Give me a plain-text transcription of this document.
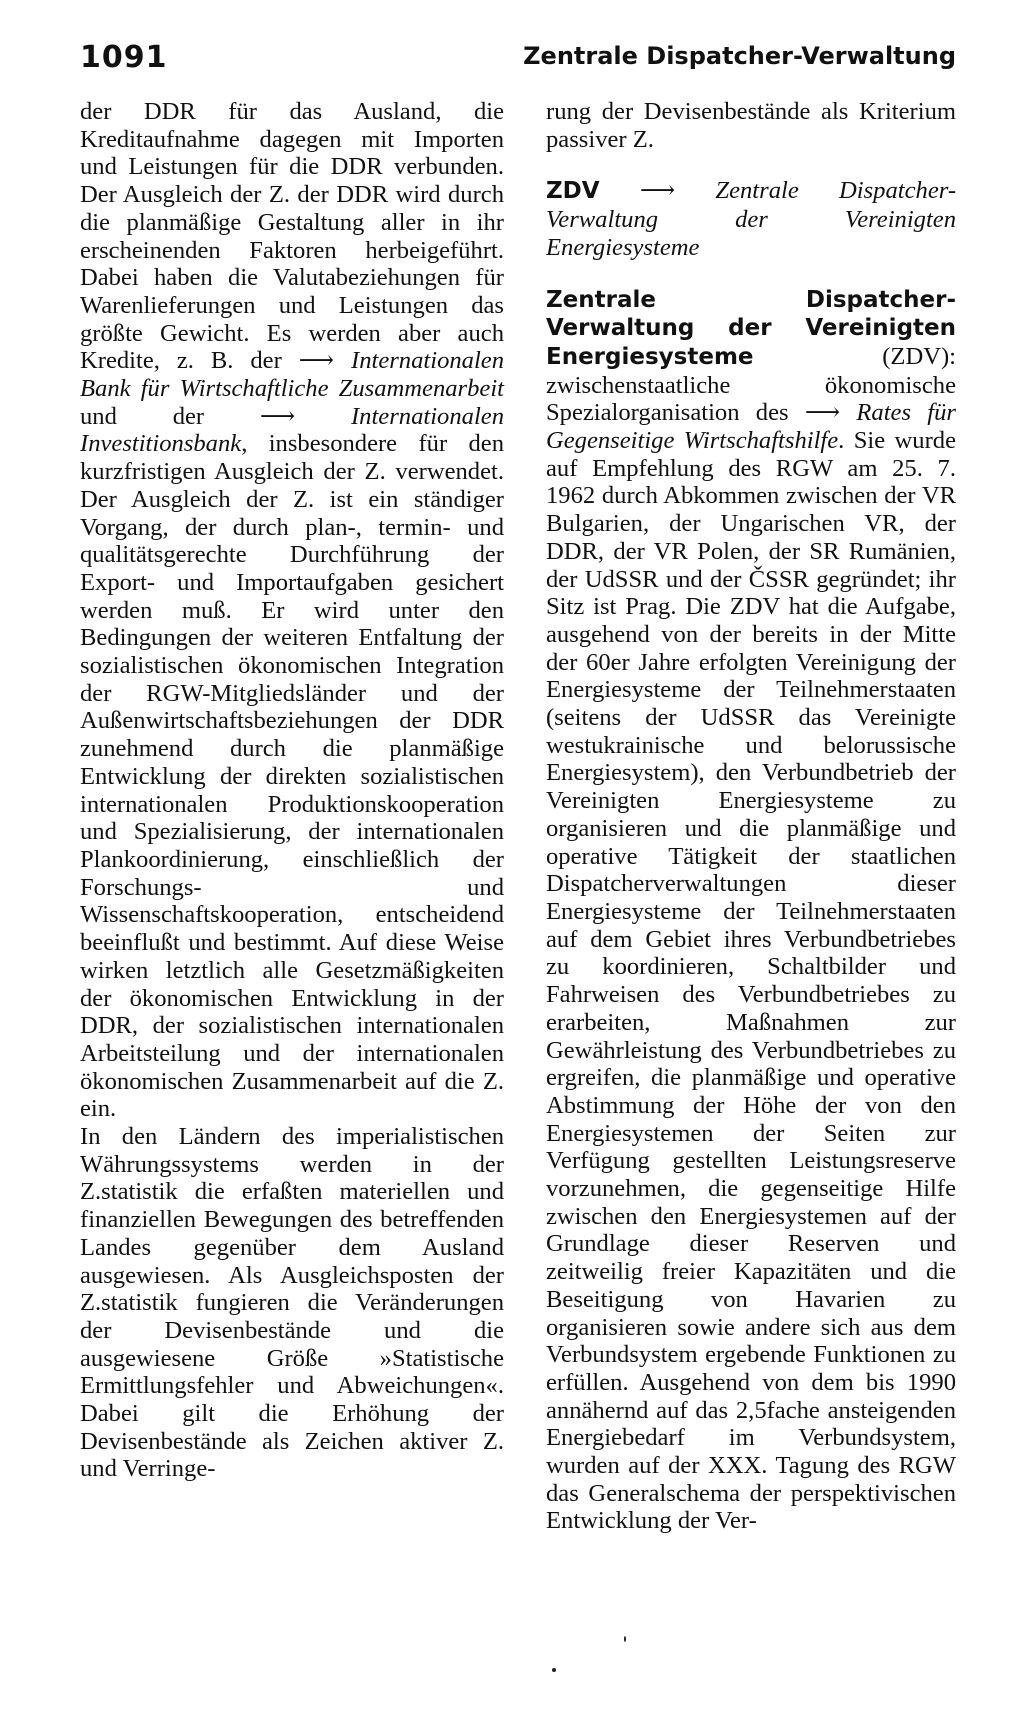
1091	Zentrale Dispatcher-Verwaltung

der DDR für das Ausland, die Kreditaufnahme dagegen mit Importen und Leistungen für die DDR verbunden. Der Ausgleich der Z. der DDR wird durch die planmäßige Gestaltung aller in ihr erscheinenden Faktoren herbeigeführt. Dabei haben die Valutabeziehungen für Warenlieferungen und Leistungen das größte Gewicht. Es werden aber auch Kredite, z. B. der ⟶ Internationalen Bank für Wirtschaftliche Zusammenarbeit und der ⟶ Internationalen Investitionsbank, insbesondere für den kurzfristigen Ausgleich der Z. verwendet. Der Ausgleich der Z. ist ein ständiger Vorgang, der durch plan-, termin- und qualitätsgerechte Durchführung der Export- und Importaufgaben gesichert werden muß. Er wird unter den Bedingungen der weiteren Entfaltung der sozialistischen ökonomischen Integration der RGW-Mitgliedsländer und der Außenwirtschaftsbeziehungen der DDR zunehmend durch die planmäßige Entwicklung der direkten sozialistischen internationalen Produktionskooperation und Spezialisierung, der internationalen Plankoordinierung, einschließlich der Forschungs- und Wissenschaftskooperation, entscheidend beeinflußt und bestimmt. Auf diese Weise wirken letztlich alle Gesetzmäßigkeiten der ökonomischen Entwicklung in der DDR, der sozialistischen internationalen Arbeitsteilung und der internationalen ökonomischen Zusammenarbeit auf die Z. ein.

In den Ländern des imperialistischen Währungssystems werden in der Z.statistik die erfaßten materiellen und finanziellen Bewegungen des betreffenden Landes gegenüber dem Ausland ausgewiesen. Als Ausgleichsposten der Z.statistik fungieren die Veränderungen der Devisenbestände und die ausgewiesene Größe »Statistische Ermittlungsfehler und Abweichungen«. Dabei gilt die Erhöhung der Devisenbestände als Zeichen aktiver Z. und Verringe-

rung der Devisenbestände als Kriterium passiver Z.

ZDV ⟶ Zentrale Dispatcher-Verwaltung der Vereinigten Energiesysteme

Zentrale Dispatcher-Verwaltung der Vereinigten Energiesysteme	(ZDV): zwischenstaatliche ökonomische Spezialorganisation des ⟶ Rates für Gegenseitige Wirtschaftshilfe. Sie wurde auf Empfehlung des RGW am 25. 7. 1962 durch Abkommen zwischen der VR Bulgarien, der Ungarischen VR, der DDR, der VR Polen, der SR Rumänien, der UdSSR und der ČSSR gegründet; ihr Sitz ist Prag. Die ZDV hat die Aufgabe, ausgehend von der bereits in der Mitte der 60er Jahre erfolgten Vereinigung der Energiesysteme der Teilnehmerstaaten (seitens der UdSSR das Vereinigte westukrainische und belorussische Energiesystem), den Verbundbetrieb der Vereinigten Energiesysteme zu organisieren und die planmäßige und operative Tätigkeit der staatlichen Dispatcherverwaltungen dieser Energiesysteme der Teilnehmerstaaten auf dem Gebiet ihres Verbundbetriebes zu koordinieren, Schaltbilder und Fahrweisen des Verbundbetriebes zu erarbeiten, Maßnahmen zur Gewährleistung des Verbundbetriebes zu ergreifen, die planmäßige und operative Abstimmung der Höhe der von den Energiesystemen der Seiten zur Verfügung gestellten Leistungsreserve vorzunehmen, die gegenseitige Hilfe zwischen den Energiesystemen auf der Grundlage dieser Reserven und zeitweilig freier Kapazitäten und die Beseitigung von Havarien zu organisieren sowie andere sich aus dem Verbundsystem ergebende Funktionen zu erfüllen. Ausgehend von dem bis 1990 annähernd auf das 2,5fache ansteigenden Energiebedarf im Verbundsystem, wurden auf der XXX. Tagung des RGW das Generalschema der perspektivischen Entwicklung der Ver-
